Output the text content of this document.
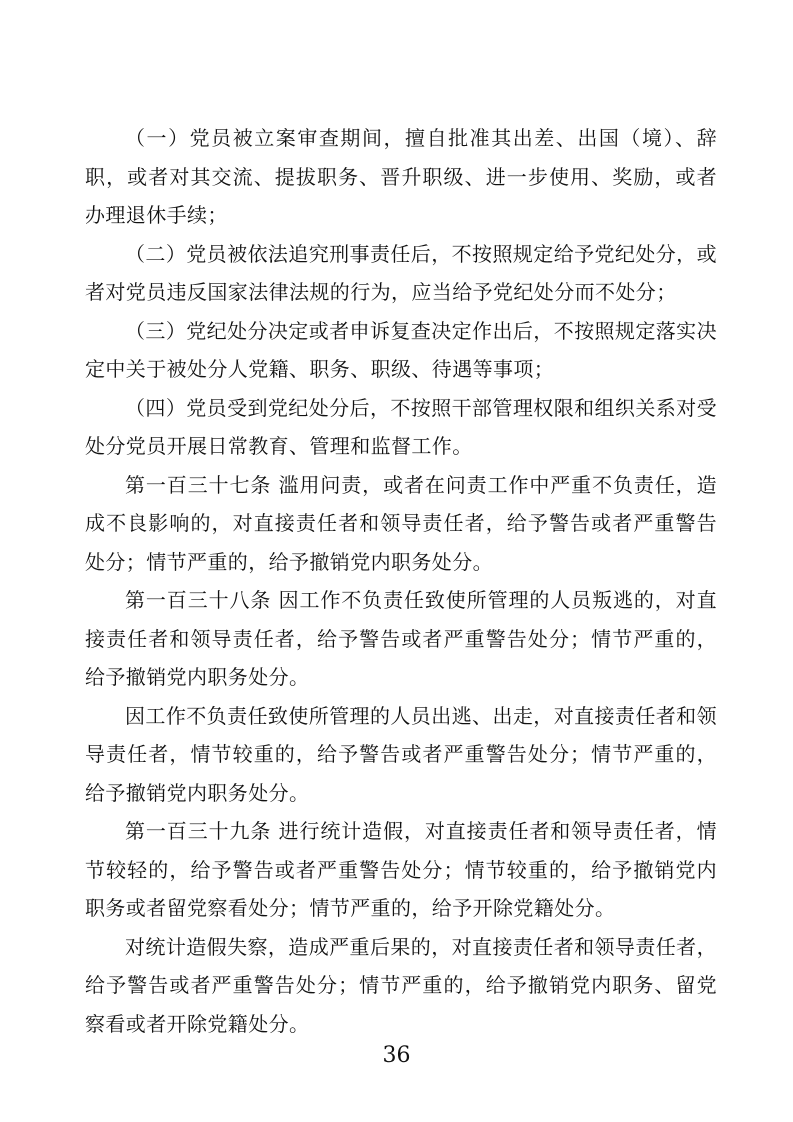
（一）党员被立案审查期间，擅自批准其出差、出国（境）、辞职，或者对其交流、提拔职务、晋升职级、进一步使用、奖励，或者办理退休手续；

（二）党员被依法追究刑事责任后，不按照规定给予党纪处分，或者对党员违反国家法律法规的行为，应当给予党纪处分而不处分；

（三）党纪处分决定或者申诉复查决定作出后，不按照规定落实决定中关于被处分人党籍、职务、职级、待遇等事项；

（四）党员受到党纪处分后，不按照干部管理权限和组织关系对受处分党员开展日常教育、管理和监督工作。

第一百三十七条 滥用问责，或者在问责工作中严重不负责任，造成不良影响的，对直接责任者和领导责任者，给予警告或者严重警告处分；情节严重的，给予撤销党内职务处分。

第一百三十八条 因工作不负责任致使所管理的人员叛逃的，对直接责任者和领导责任者，给予警告或者严重警告处分；情节严重的，给予撤销党内职务处分。

因工作不负责任致使所管理的人员出逃、出走，对直接责任者和领导责任者，情节较重的，给予警告或者严重警告处分；情节严重的，给予撤销党内职务处分。

第一百三十九条 进行统计造假，对直接责任者和领导责任者，情节较轻的，给予警告或者严重警告处分；情节较重的，给予撤销党内职务或者留党察看处分；情节严重的，给予开除党籍处分。

对统计造假失察，造成严重后果的，对直接责任者和领导责任者，给予警告或者严重警告处分；情节严重的，给予撤销党内职务、留党察看或者开除党籍处分。

36
